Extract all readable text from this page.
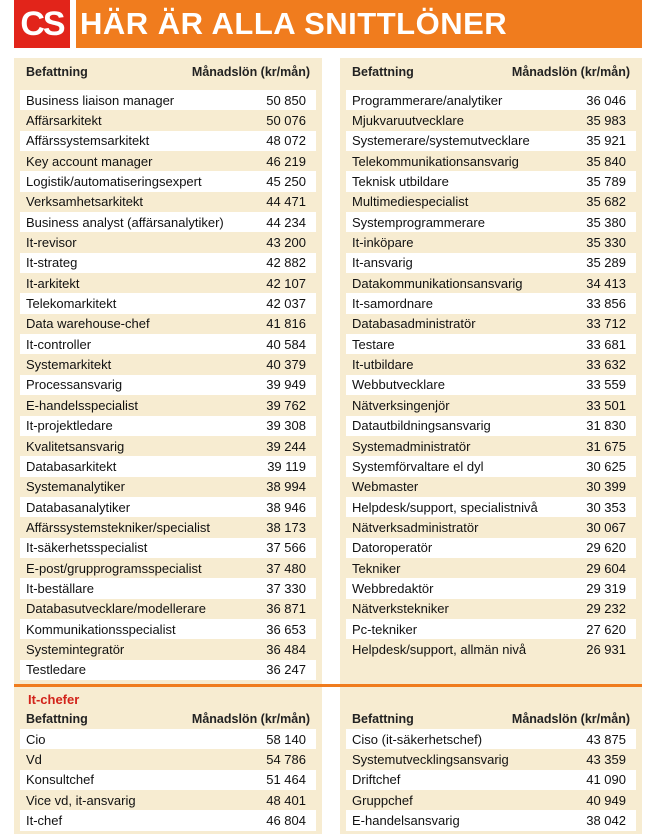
CS HÄR ÄR ALLA SNITTLÖNER
Befattning	Månadslön (kr/mån)
Business liaison manager	50 850
Affärsarkitekt	50 076
Affärssystemsarkitekt	48 072
Key account manager	46 219
Logistik/automatiseringsexpert	45 250
Verksamhetsarkitekt	44 471
Business analyst (affärsanalytiker)	44 234
It-revisor	43 200
It-strateg	42 882
It-arkitekt	42 107
Telekomarkitekt	42 037
Data warehouse-chef	41 816
It-controller	40 584
Systemarkitekt	40 379
Processansvarig	39 949
E-handelsspecialist	39 762
It-projektledare	39 308
Kvalitetsansvarig	39 244
Databasarkitekt	39 119
Systemanalytiker	38 994
Databasanalytiker	38 946
Affärssystemstekniker/specialist	38 173
It-säkerhetsspecialist	37 566
E-post/grupprogramsspecialist	37 480
It-beställare	37 330
Databasutvecklare/modellerare	36 871
Kommunikationsspecialist	36 653
Systemintegratör	36 484
Testledare	36 247
Befattning	Månadslön (kr/mån)
Programmerare/analytiker	36 046
Mjukvaruutvecklare	35 983
Systemerare/systemutvecklare	35 921
Telekommunikationsansvarig	35 840
Teknisk utbildare	35 789
Multimediespecialist	35 682
Systemprogrammerare	35 380
It-inköpare	35 330
It-ansvarig	35 289
Datakommunikationsansvarig	34 413
It-samordnare	33 856
Databasadministratör	33 712
Testare	33 681
It-utbildare	33 632
Webbutvecklare	33 559
Nätverksingenjör	33 501
Datautbildningsansvarig	31 830
Systemadministratör	31 675
Systemförvaltare el dyl	30 625
Webmaster	30 399
Helpdesk/support, specialistnivå	30 353
Nätverksadministratör	30 067
Datoroperatör	29 620
Tekniker	29 604
Webbredaktör	29 319
Nätverkstekniker	29 232
Pc-tekniker	27 620
Helpdesk/support, allmän nivå	26 931
Befattning	Månadslön (kr/mån)
Cio	58 140
Vd	54 786
Konsultchef	51 464
Vice vd, it-ansvarig	48 401
It-chef	46 804
It-chefer
Befattning	Månadslön (kr/mån)
Ciso (it-säkerhetschef)	43 875
Systemutvecklingsansvarig	43 359
Driftchef	41 090
Gruppchef	40 949
E-handelsansvarig	38 042
